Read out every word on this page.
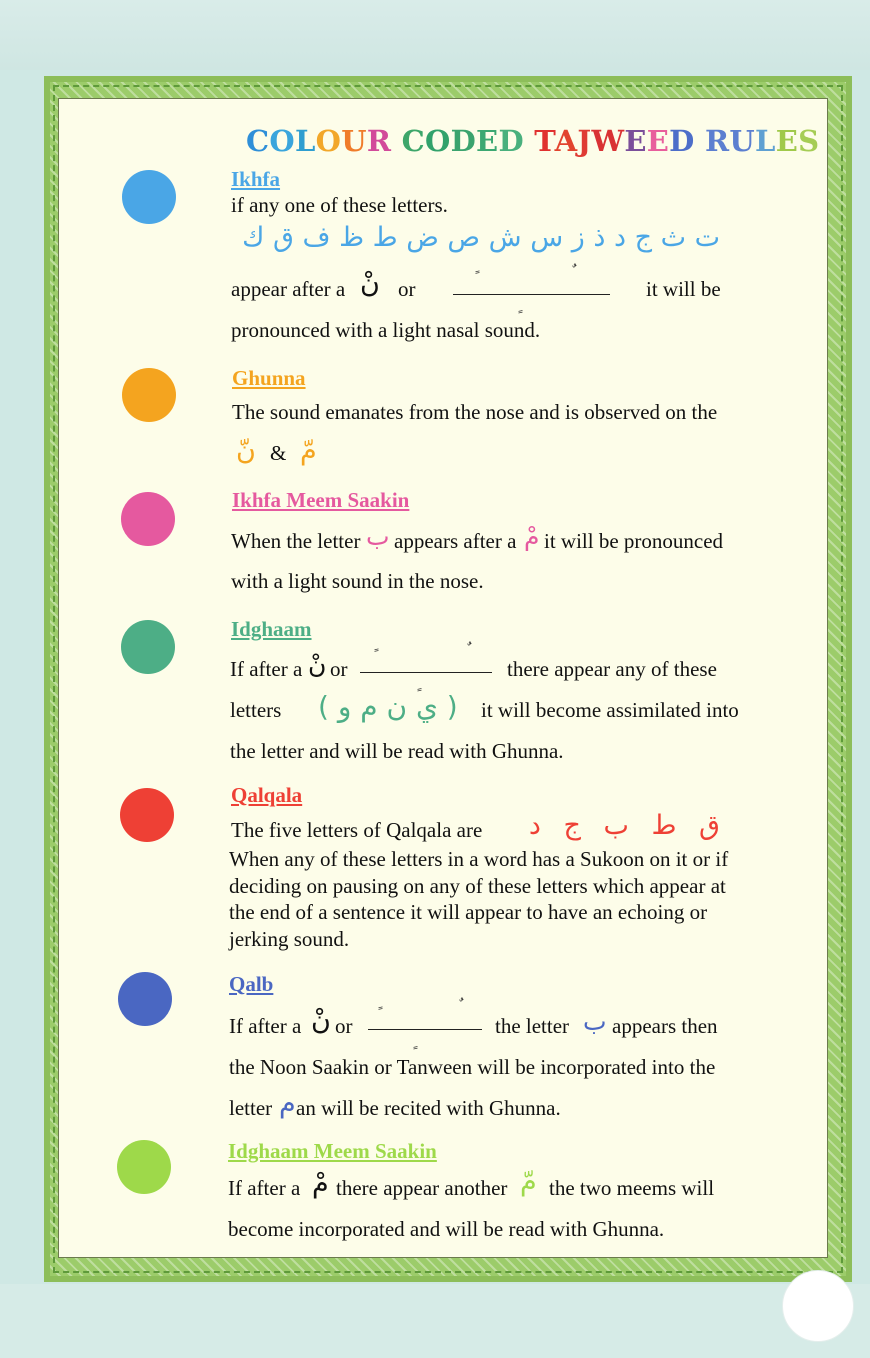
COLOUR CODED TAJWEED RULES
Ikhfa
if any one of these letters.
ت ث ج د ذ ز س ش ص ض ط ظ ف ق ك
appear after a نْ or	it will be
pronounced with a light nasal sound.
Ghunna
The sound emanates from the nose and is observed on the
نّ & مّ
Ikhfa Meem Saakin
When the letter ب appears after a مْ it will be pronounced
with a light sound in the nose.
Idghaam
If after a نْ or	there appear any of these
letters ( ي ن م و ) it will become assimilated into
the letter and will be read with Ghunna.
Qalqala
The five letters of Qalqala are	ق ط ب ج د
When any of these letters in a word has a Sukoon on it or if deciding on pausing on any of these letters which appear at the end of a sentence it will appear to have an echoing or jerking sound.
Qalb
If after a نْ or	the letter ب appears then
the Noon Saakin or Tanween will be incorporated into the
letter م an will be recited with Ghunna.
Idghaam Meem Saakin
If after a مْ there appear another مّ the two meems will
become incorporated and will be read with Ghunna.
